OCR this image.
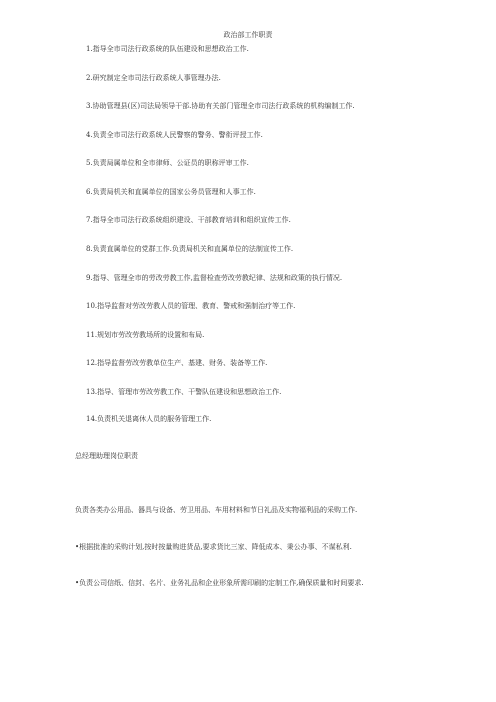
政治部工作职责
1.指导全市司法行政系统的队伍建设和思想政治工作.
2.研究制定全市司法行政系统人事管理办法.
3.协助管理县(区)司法局领导干部.协助有关部门管理全市司法行政系统的机构编制工作.
4.负责全市司法行政系统人民警察的警务、警衔评授工作.
5.负责局属单位和全市律师、公证员的职称评审工作.
6.负责局机关和直属单位的国家公务员管理和人事工作.
7.指导全市司法行政系统组织建设、干部教育培训和组织宣传工作.
8.负责直属单位的党群工作.负责局机关和直属单位的法制宣传工作.
9.指导、管理全市的劳改劳教工作,监督检查劳改劳教纪律、法规和政策的执行情况.
10.指导监督对劳改劳教人员的管理、教育、警戒和强制治疗等工作.
11.规划市劳改劳教场所的设置和布局.
12.指导监督劳改劳教单位生产、基建、财务、装备等工作.
13.指导、管理市劳改劳教工作、干警队伍建设和思想政治工作.
14.负责机关退离休人员的服务管理工作.
总经理助理岗位职责
负责各类办公用品、器具与设备、劳卫用品、车用材料和节日礼品及实物福利品的采购工作.
•根据批准的采购计划,按时按量购进货品,要求货比三家、降低成本、秉公办事、不谋私利.
•负责公司信纸、信封、名片、业务礼品和企业形象所需印刷的定制工作,确保质量和时间要求.
